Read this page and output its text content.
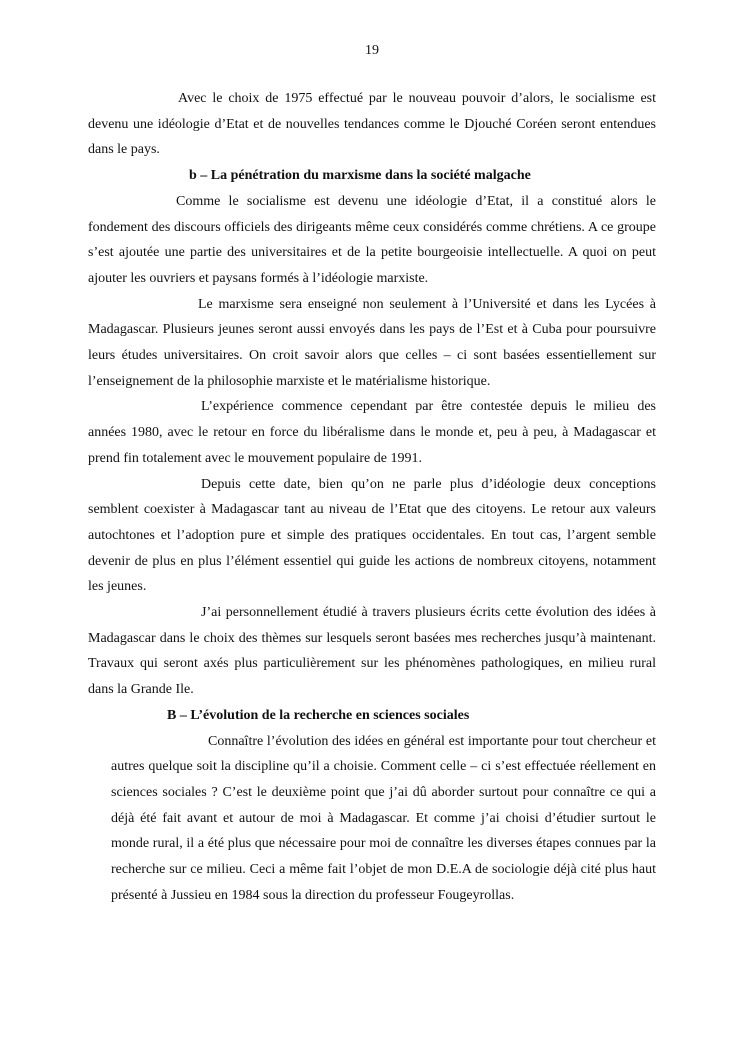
19

Avec le choix de 1975 effectué par le nouveau pouvoir d’alors, le socialisme est devenu une idéologie d’Etat et de nouvelles tendances comme le Djouché Coréen seront entendues dans le pays.

b – La pénétration du marxisme dans la société malgache

Comme le socialisme est devenu une idéologie d’Etat, il a constitué alors le fondement des discours officiels des dirigeants même ceux considérés comme chrétiens. A ce groupe s’est ajoutée une partie des universitaires et de la petite bourgeoisie intellectuelle. A quoi on peut ajouter les ouvriers et paysans formés à l’idéologie marxiste.

Le marxisme sera enseigné non seulement à l’Université et dans les Lycées à Madagascar. Plusieurs jeunes seront aussi envoyés dans les pays de l’Est et à Cuba pour poursuivre leurs études universitaires. On croit savoir alors que celles – ci sont basées essentiellement sur l’enseignement de la philosophie marxiste et le matérialisme historique.

L’expérience commence cependant par être contestée depuis le milieu des années 1980, avec le retour en force du libéralisme dans le monde et, peu à peu, à Madagascar et prend fin totalement avec le mouvement populaire de 1991.

Depuis cette date, bien qu’on ne parle plus d’idéologie deux conceptions semblent coexister à Madagascar tant au niveau de l’Etat que des citoyens. Le retour aux valeurs autochtones et l’adoption pure et simple des pratiques occidentales. En tout cas, l’argent semble devenir de plus en plus l’élément essentiel qui guide les actions de nombreux citoyens, notamment les jeunes.

J’ai personnellement étudié à travers plusieurs écrits cette évolution des idées à Madagascar dans le choix des thèmes sur lesquels seront basées mes recherches jusqu’à maintenant. Travaux qui seront axés plus particulièrement sur les phénomènes pathologiques, en milieu rural dans la Grande Ile.

B – L’évolution de la recherche en sciences sociales

Connaître l’évolution des idées en général est importante pour tout chercheur et autres quelque soit la discipline qu’il a choisie. Comment celle – ci s’est effectuée réellement en sciences sociales ? C’est le deuxième point que j’ai dû aborder surtout pour connaître ce qui a déjà été fait avant et autour de moi à Madagascar. Et comme j’ai choisi d’étudier surtout le monde rural, il a été plus que nécessaire pour moi de connaître les diverses étapes connues par la recherche sur ce milieu. Ceci a même fait l’objet de mon D.E.A de sociologie déjà cité plus haut présenté à Jussieu en 1984 sous la direction du professeur Fougeyrollas.
